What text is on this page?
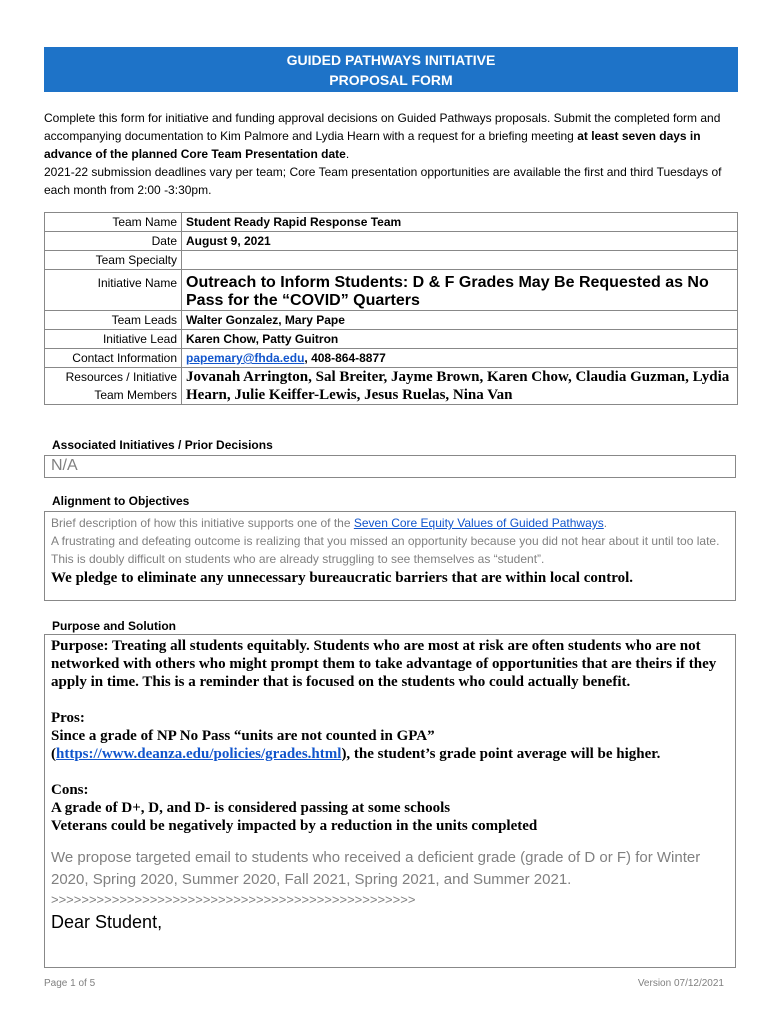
GUIDED PATHWAYS INITIATIVE
PROPOSAL FORM

Complete this form for initiative and funding approval decisions on Guided Pathways proposals. Submit the completed form and accompanying documentation to Kim Palmore and Lydia Hearn with a request for a briefing meeting at least seven days in advance of the planned Core Team Presentation date.

2021-22 submission deadlines vary per team; Core Team presentation opportunities are available the first and third Tuesdays of each month from 2:00 -3:30pm.

Team Name	Student Ready Rapid Response Team
Date	August 9, 2021
Team Specialty	
Initiative Name	Outreach to Inform Students: D & F Grades May Be Requested as No Pass for the “COVID” Quarters
Team Leads	Walter Gonzalez, Mary Pape
Initiative Lead	Karen Chow, Patty Guitron
Contact Information	papemary@fhda.edu, 408-864-8877

Resources / Initiative
Team Members	Jovanah Arrington, Sal Breiter, Jayme Brown, Karen Chow, Claudia Guzman, Lydia Hearn, Julie Keiffer-Lewis, Jesus Ruelas, Nina Van
Associated Initiatives / Prior Decisions
N/A
Alignment to Objectives
Brief description of how this initiative supports one of the Seven Core Equity Values of Guided Pathways.
A frustrating and defeating outcome is realizing that you missed an opportunity because you did not hear about it until too late. This is doubly difficult on students who are already struggling to see themselves as “student”.
We pledge to eliminate any unnecessary bureaucratic barriers that are within local control.
Purpose and Solution
Purpose: Treating all students equitably. Students who are most at risk are often students who are not networked with others who might prompt them to take advantage of opportunities that are theirs if they apply in time. This is a reminder that is focused on the students who could actually benefit.
Pros:
Since a grade of NP No Pass “units are not counted in GPA”
(https://www.deanza.edu/policies/grades.html), the student’s grade point average will be higher.
Cons:
A grade of D+, D, and D- is considered passing at some schools
Veterans could be negatively impacted by a reduction in the units completed
We propose targeted email to students who received a deficient grade (grade of D or F) for Winter 2020, Spring 2020, Summer 2020, Fall 2021, Spring 2021, and Summer 2021.
>>>>>>>>>>>>>>>>>>>>>>>>>>>>>>>>>>>>>>>>>>>>>>>>
Dear Student,
Page 1 of 5	Version 07/12/2021
